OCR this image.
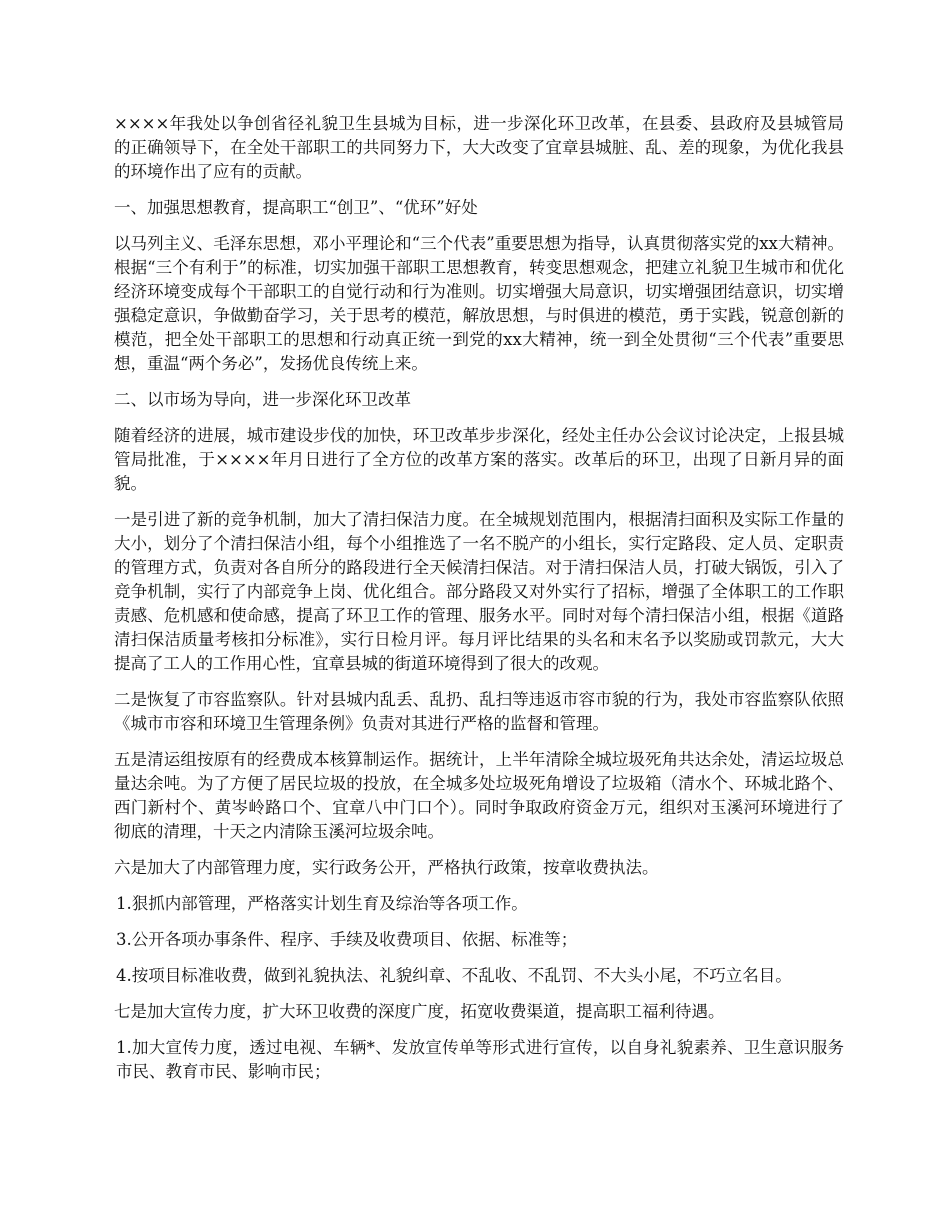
××××年我处以争创省径礼貌卫生县城为目标，进一步深化环卫改革，在县委、县政府及县城管局的正确领导下，在全处干部职工的共同努力下，大大改变了宜章县城脏、乱、差的现象，为优化我县的环境作出了应有的贡献。

一、加强思想教育，提高职工“创卫”、“优环”好处

以马列主义、毛泽东思想，邓小平理论和“三个代表”重要思想为指导，认真贯彻落实党的xx大精神。根据“三个有利于”的标准，切实加强干部职工思想教育，转变思想观念，把建立礼貌卫生城市和优化经济环境变成每个干部职工的自觉行动和行为准则。切实增强大局意识，切实增强团结意识，切实增强稳定意识，争做勤奋学习，关于思考的模范，解放思想，与时俱进的模范，勇于实践，锐意创新的模范，把全处干部职工的思想和行动真正统一到党的xx大精神，统一到全处贯彻“三个代表”重要思想，重温“两个务必”，发扬优良传统上来。

二、以市场为导向，进一步深化环卫改革

随着经济的进展，城市建设步伐的加快，环卫改革步步深化，经处主任办公会议讨论决定，上报县城管局批准，于××××年月日进行了全方位的改革方案的落实。改革后的环卫，出现了日新月异的面貌。

一是引进了新的竞争机制，加大了清扫保洁力度。在全城规划范围内，根据清扫面积及实际工作量的大小，划分了个清扫保洁小组，每个小组推选了一名不脱产的小组长，实行定路段、定人员、定职责的管理方式，负责对各自所分的路段进行全天候清扫保洁。对于清扫保洁人员，打破大锅饭，引入了竞争机制，实行了内部竞争上岗、优化组合。部分路段又对外实行了招标，增强了全体职工的工作职责感、危机感和使命感，提高了环卫工作的管理、服务水平。同时对每个清扫保洁小组，根据《道路清扫保洁质量考核扣分标准》，实行日检月评。每月评比结果的头名和末名予以奖励或罚款元，大大提高了工人的工作用心性，宜章县城的街道环境得到了很大的改观。

二是恢复了市容监察队。针对县城内乱丢、乱扔、乱扫等违返市容市貌的行为，我处市容监察队依照《城市市容和环境卫生管理条例》负责对其进行严格的监督和管理。

五是清运组按原有的经费成本核算制运作。据统计，上半年清除全城垃圾死角共达余处，清运垃圾总量达余吨。为了方便了居民垃圾的投放，在全城多处垃圾死角增设了垃圾箱（清水个、环城北路个、西门新村个、黄岑岭路口个、宜章八中门口个）。同时争取政府资金万元，组织对玉溪河环境进行了彻底的清理，十天之内清除玉溪河垃圾余吨。

六是加大了内部管理力度，实行政务公开，严格执行政策，按章收费执法。

1.狠抓内部管理，严格落实计划生育及综治等各项工作。

3.公开各项办事条件、程序、手续及收费项目、依据、标准等；

4.按项目标准收费，做到礼貌执法、礼貌纠章、不乱收、不乱罚、不大头小尾，不巧立名目。

七是加大宣传力度，扩大环卫收费的深度广度，拓宽收费渠道，提高职工福利待遇。

1.加大宣传力度，透过电视、车辆*、发放宣传单等形式进行宣传，以自身礼貌素养、卫生意识服务市民、教育市民、影响市民；
